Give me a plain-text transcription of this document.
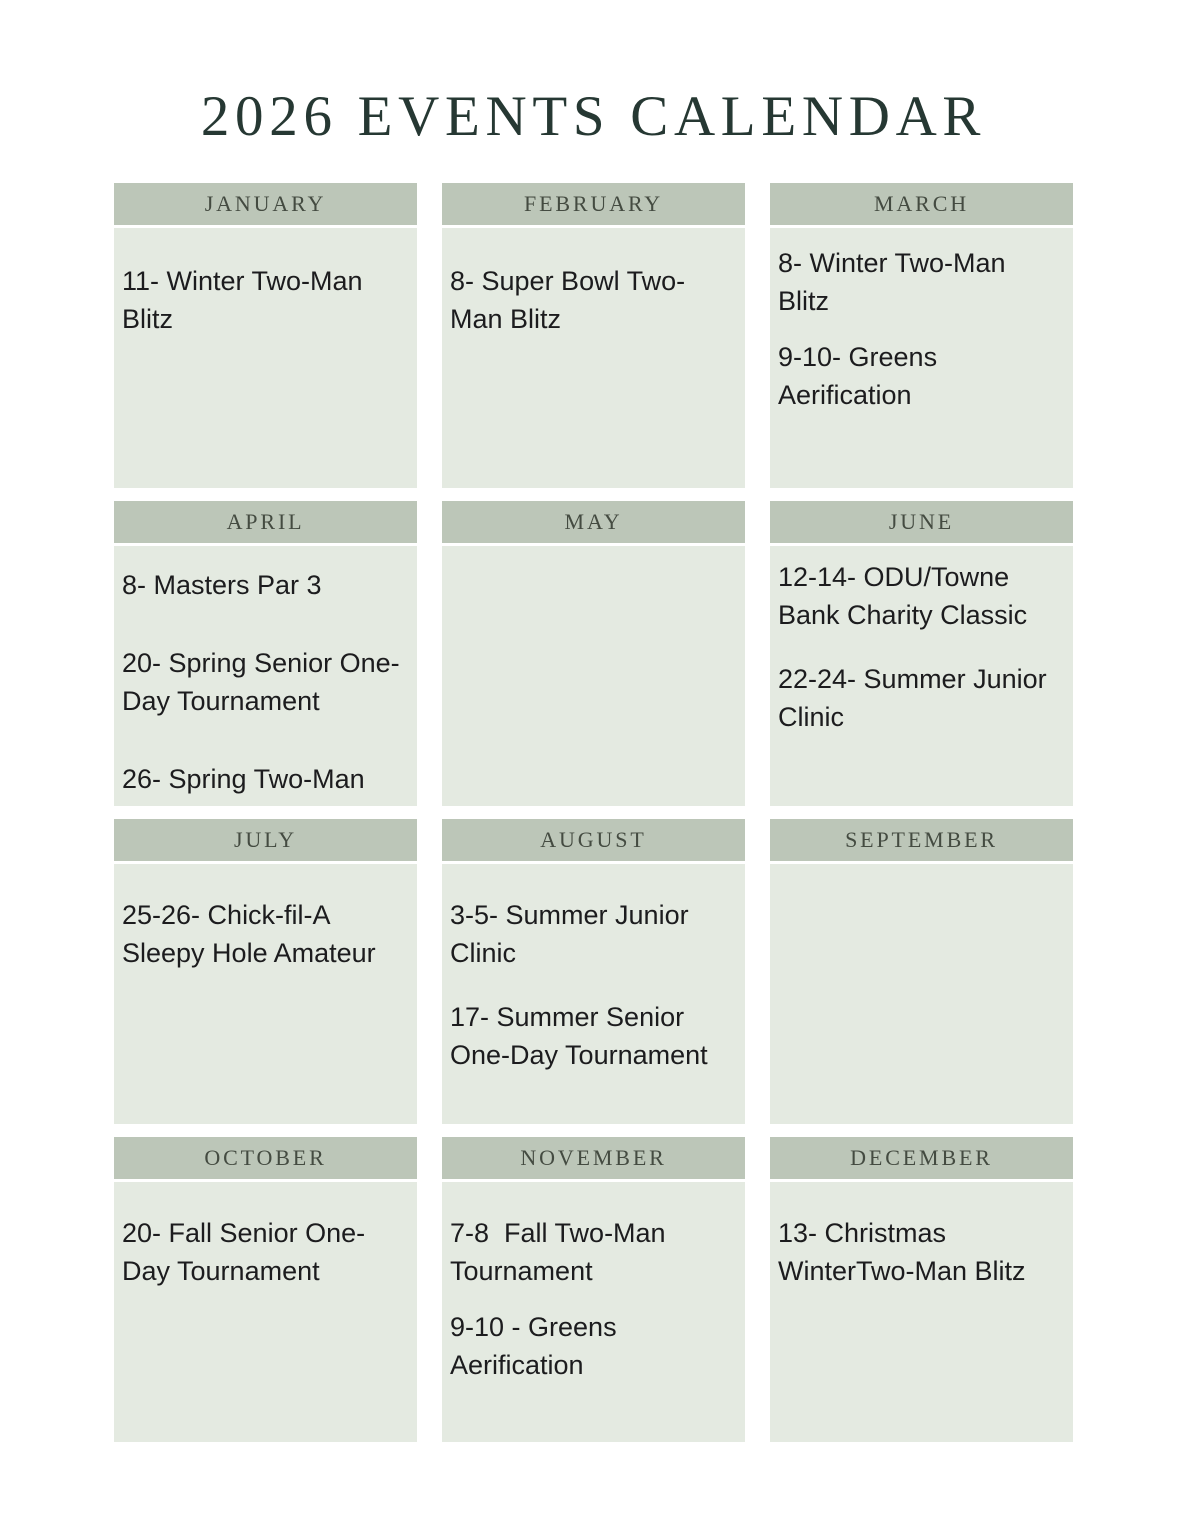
2026 EVENTS CALENDAR
JANUARY

11- Winter Two-Man Blitz

FEBRUARY

8- Super Bowl Two-Man Blitz

MARCH

8- Winter Two-Man Blitz

9-10- Greens Aerification

APRIL

8- Masters Par 3

20- Spring Senior One-Day Tournament

26- Spring Two-Man

MAY	JUNE

12-14- ODU/Towne Bank Charity Classic

22-24- Summer Junior Clinic

JULY

25-26- Chick-fil-A Sleepy Hole Amateur

AUGUST

3-5- Summer Junior Clinic

17- Summer Senior One-Day Tournament

SEPTEMBER
OCTOBER

20- Fall Senior One-Day Tournament

NOVEMBER

7-8  Fall Two-Man Tournament

9-10 - Greens Aerification

DECEMBER

13- Christmas WinterTwo-Man Blitz
